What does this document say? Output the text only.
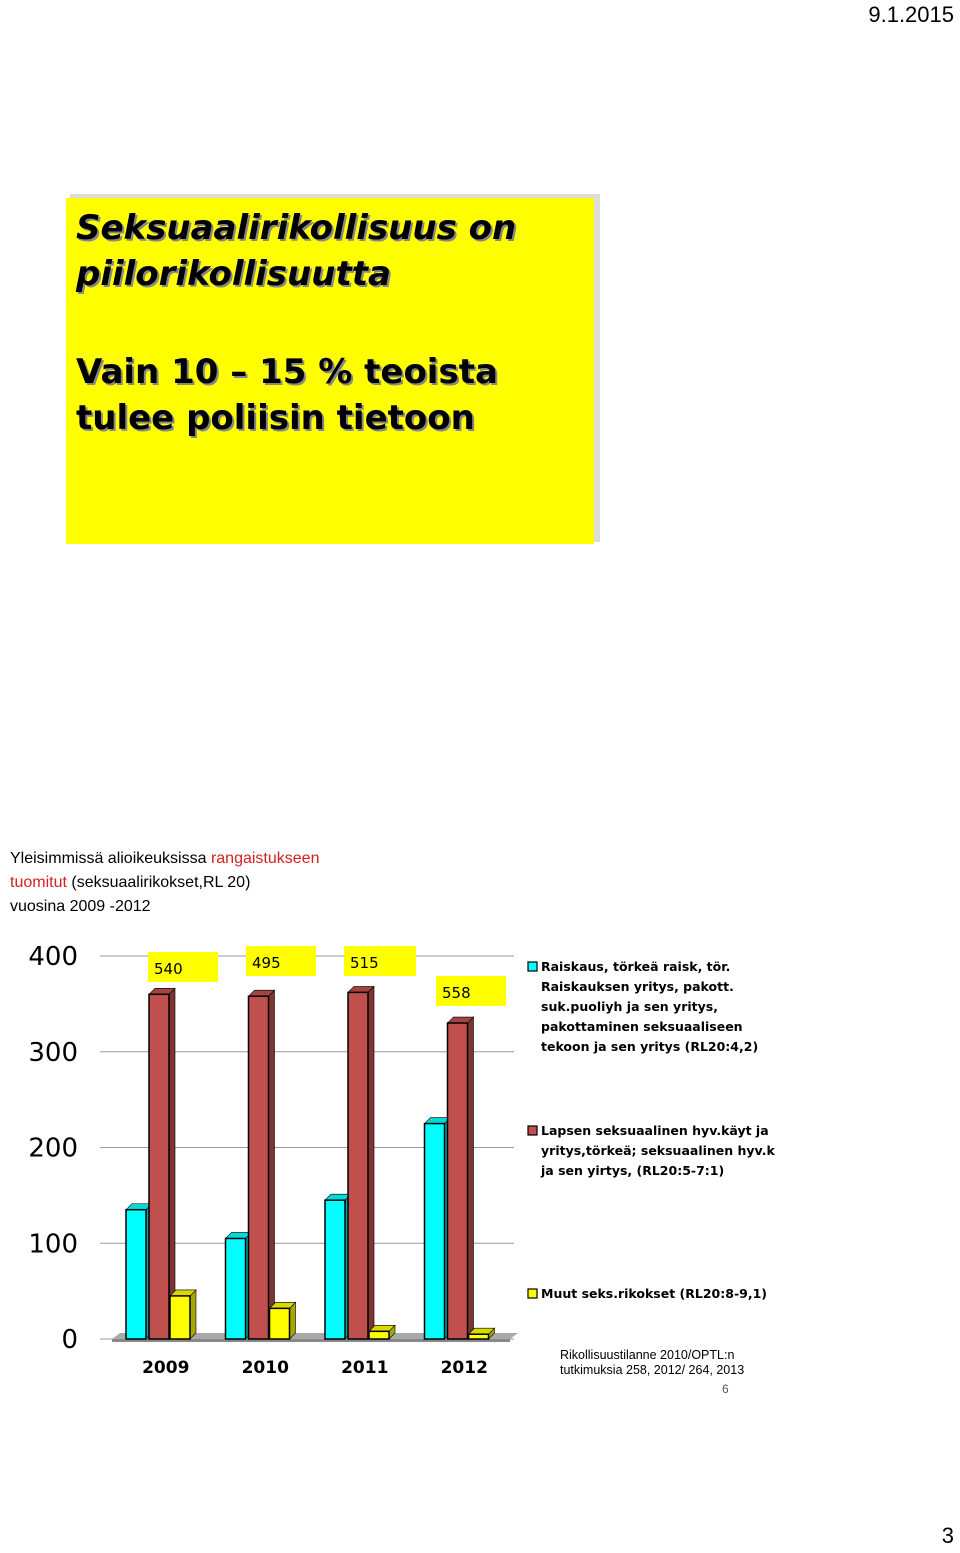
9.1.2015

Seksuaalirikollisuus on

piilorikollisuutta

Vain 10 – 15 % teoista

tulee poliisin tietoon

Yleisimmissä alioikeuksissa rangaistukseen
tuomitut (seksuaalirikokset,RL 20)
vuosina 2009 -2012
0
100
200
300
400
2009	2010	2011	2012
540	495	515
558
Raiskaus, törkeä raisk, tör.
Raiskauksen yritys, pakott.
suk.puoliyh ja sen yritys,
pakottaminen seksuaaliseen
tekoon ja sen yritys (RL20:4,2)
Lapsen seksuaalinen hyv.käyt ja
yritys,törkeä; seksuaalinen hyv.k
ja sen yirtys, (RL20:5-7:1)
Muut seks.rikokset (RL20:8-9,1)
Rikollisuustilanne 2010/OPTL:n
tutkimuksia 258, 2012/ 264, 2013
6
3
